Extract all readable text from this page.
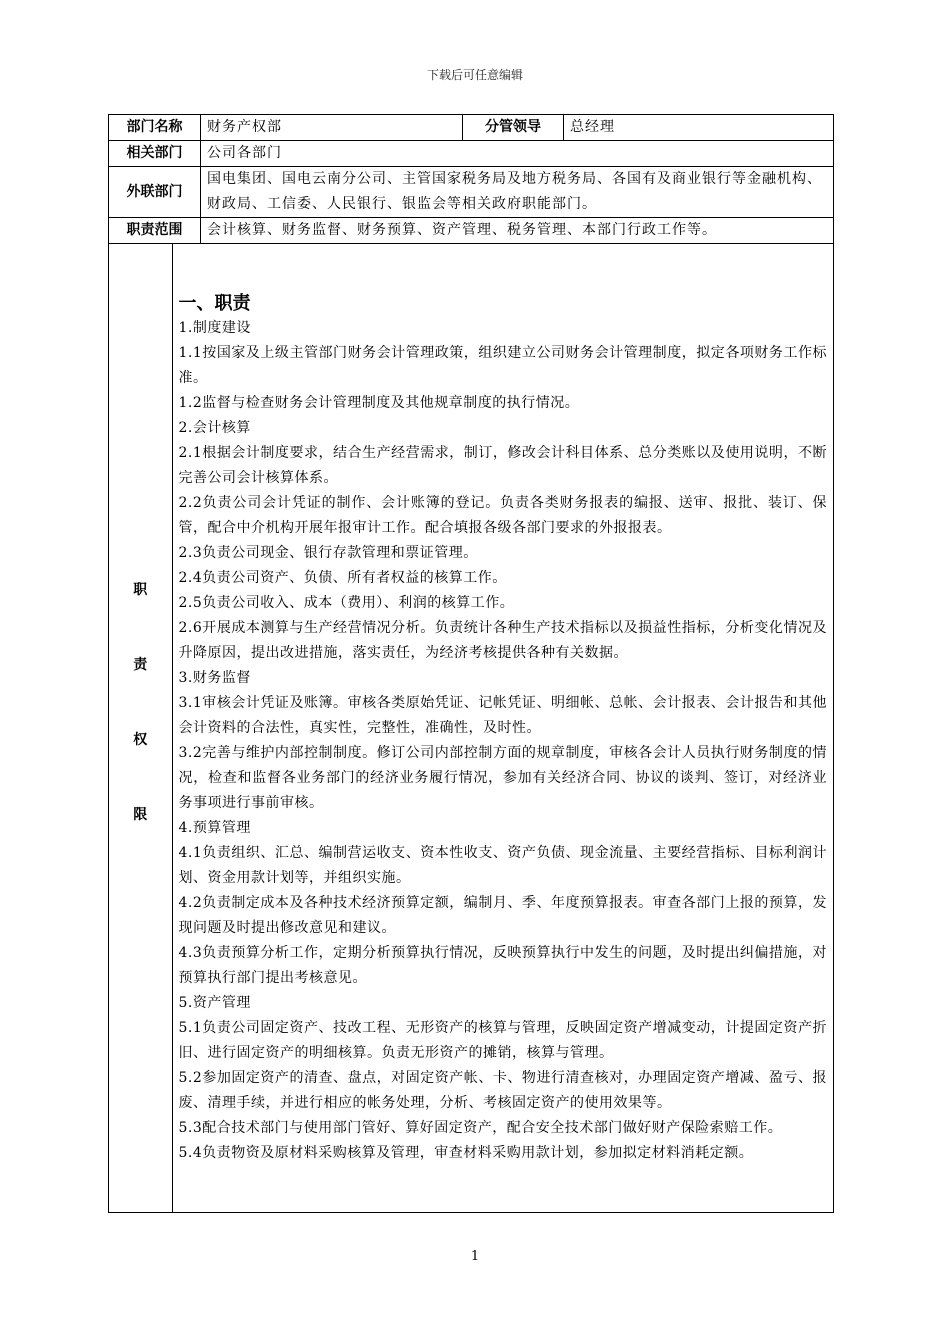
下载后可任意编辑
部门名称	财务产权部	分管领导	总经理
相关部门	公司各部门
外联部门	国电集团、国电云南分公司、主管国家税务局及地方税务局、各国有及商业银行等金融机构、财政局、工信委、人民银行、银监会等相关政府职能部门。
职责范围	会计核算、财务监督、财务预算、资产管理、税务管理、本部门行政工作等。

职
责
权
限

一、职责

1.制度建设

1.1按国家及上级主管部门财务会计管理政策，组织建立公司财务会计管理制度，拟定各项财务工作标准。

1.2监督与检查财务会计管理制度及其他规章制度的执行情况。

2.会计核算

2.1根据会计制度要求，结合生产经营需求，制订，修改会计科目体系、总分类账以及使用说明，不断完善公司会计核算体系。

2.2负责公司会计凭证的制作、会计账簿的登记。负责各类财务报表的编报、送审、报批、装订、保管，配合中介机构开展年报审计工作。配合填报各级各部门要求的外报报表。

2.3负责公司现金、银行存款管理和票证管理。

2.4负责公司资产、负债、所有者权益的核算工作。

2.5负责公司收入、成本（费用）、利润的核算工作。

2.6开展成本测算与生产经营情况分析。负责统计各种生产技术指标以及损益性指标，分析变化情况及升降原因，提出改进措施，落实责任，为经济考核提供各种有关数据。

3.财务监督

3.1审核会计凭证及账簿。审核各类原始凭证、记帐凭证、明细帐、总帐、会计报表、会计报告和其他会计资料的合法性，真实性，完整性，准确性，及时性。

3.2完善与维护内部控制制度。修订公司内部控制方面的规章制度，审核各会计人员执行财务制度的情况，检查和监督各业务部门的经济业务履行情况，参加有关经济合同、协议的谈判、签订，对经济业务事项进行事前审核。

4.预算管理

4.1负责组织、汇总、编制营运收支、资本性收支、资产负债、现金流量、主要经营指标、目标利润计划、资金用款计划等，并组织实施。

4.2负责制定成本及各种技术经济预算定额，编制月、季、年度预算报表。审查各部门上报的预算，发现问题及时提出修改意见和建议。

4.3负责预算分析工作，定期分析预算执行情况，反映预算执行中发生的问题，及时提出纠偏措施，对预算执行部门提出考核意见。

5.资产管理

5.1负责公司固定资产、技改工程、无形资产的核算与管理，反映固定资产增减变动，计提固定资产折旧、进行固定资产的明细核算。负责无形资产的摊销，核算与管理。

5.2参加固定资产的清查、盘点，对固定资产帐、卡、物进行清查核对，办理固定资产增减、盈亏、报废、清理手续，并进行相应的帐务处理，分析、考核固定资产的使用效果等。

5.3配合技术部门与使用部门管好、算好固定资产，配合安全技术部门做好财产保险索赔工作。

5.4负责物资及原材料采购核算及管理，审查材料采购用款计划，参加拟定材料消耗定额。

1
